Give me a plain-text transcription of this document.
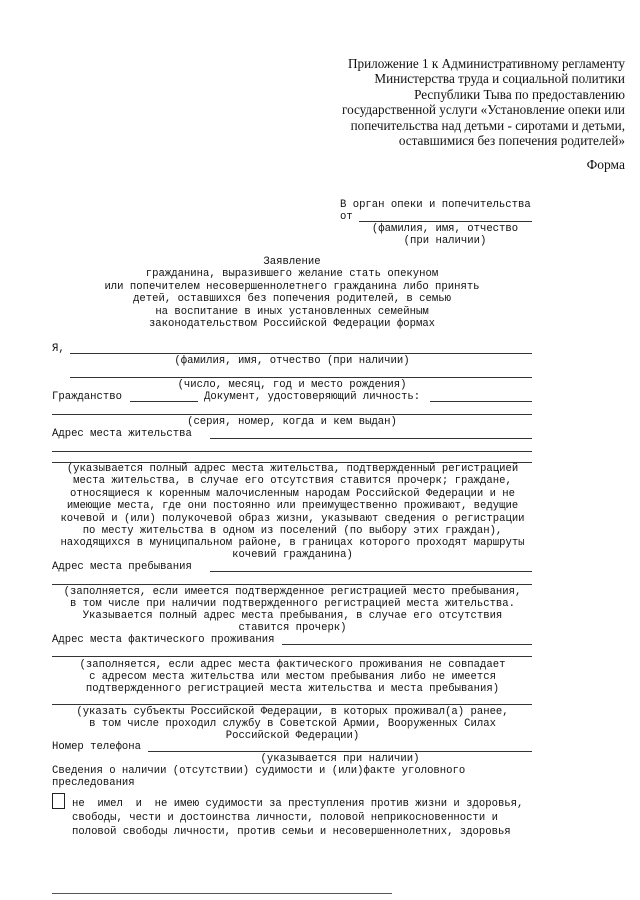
Приложение 1 к Административному регламенту
Министерства труда и социальной политики
Республики Тыва по предоставлению
государственной услуги «Установление опеки или
попечительства над детьми - сиротами и детьми,
оставшимися без попечения родителей»
Форма
В орган опеки и попечительства
от
(фамилия, имя, отчество
(при наличии)
Заявление
гражданина, выразившего желание стать опекуном
или попечителем несовершеннолетнего гражданина либо принять
детей, оставшихся без попечения родителей, в семью
на воспитание в иных установленных семейным
законодательством Российской Федерации формах
Я,
(фамилия, имя, отчество (при наличии)
(число, месяц, год и место рождения)
Гражданство	Документ, удостоверяющий личность:
(серия, номер, когда и кем выдан)
Адрес места жительства
(указывается полный адрес места жительства, подтвержденный регистрацией
места жительства, в случае его отсутствия ставится прочерк; граждане,
относящиеся к коренным малочисленным народам Российской Федерации и не
имеющие места, где они постоянно или преимущественно проживают, ведущие
кочевой и (или) полукочевой образ жизни, указывают сведения о регистрации
по месту жительства в одном из поселений (по выбору этих граждан),
находящихся в муниципальном районе, в границах которого проходят маршруты
кочевий гражданина)
Адрес места пребывания
(заполняется, если имеется подтвержденное регистрацией место пребывания,
в том числе при наличии подтвержденного регистрацией места жительства.
Указывается полный адрес места пребывания, в случае его отсутствия
ставится прочерк)
Адрес места фактического проживания
(заполняется, если адрес места фактического проживания не совпадает
с адресом места жительства или местом пребывания либо не имеется
подтвержденного регистрацией места жительства и места пребывания)
(указать субъекты Российской Федерации, в которых проживал(а) ранее,
в том числе проходил службу в Советской Армии, Вооруженных Силах
Российской Федерации)
Номер телефона
(указывается при наличии)
Сведения о наличии (отсутствии) судимости и (или)факте уголовного
преследования
не  имел  и  не имею судимости за преступления против жизни и здоровья,
свободы, чести и достоинства личности, половой неприкосновенности и
половой свободы личности, против семьи и несовершеннолетних, здоровья
